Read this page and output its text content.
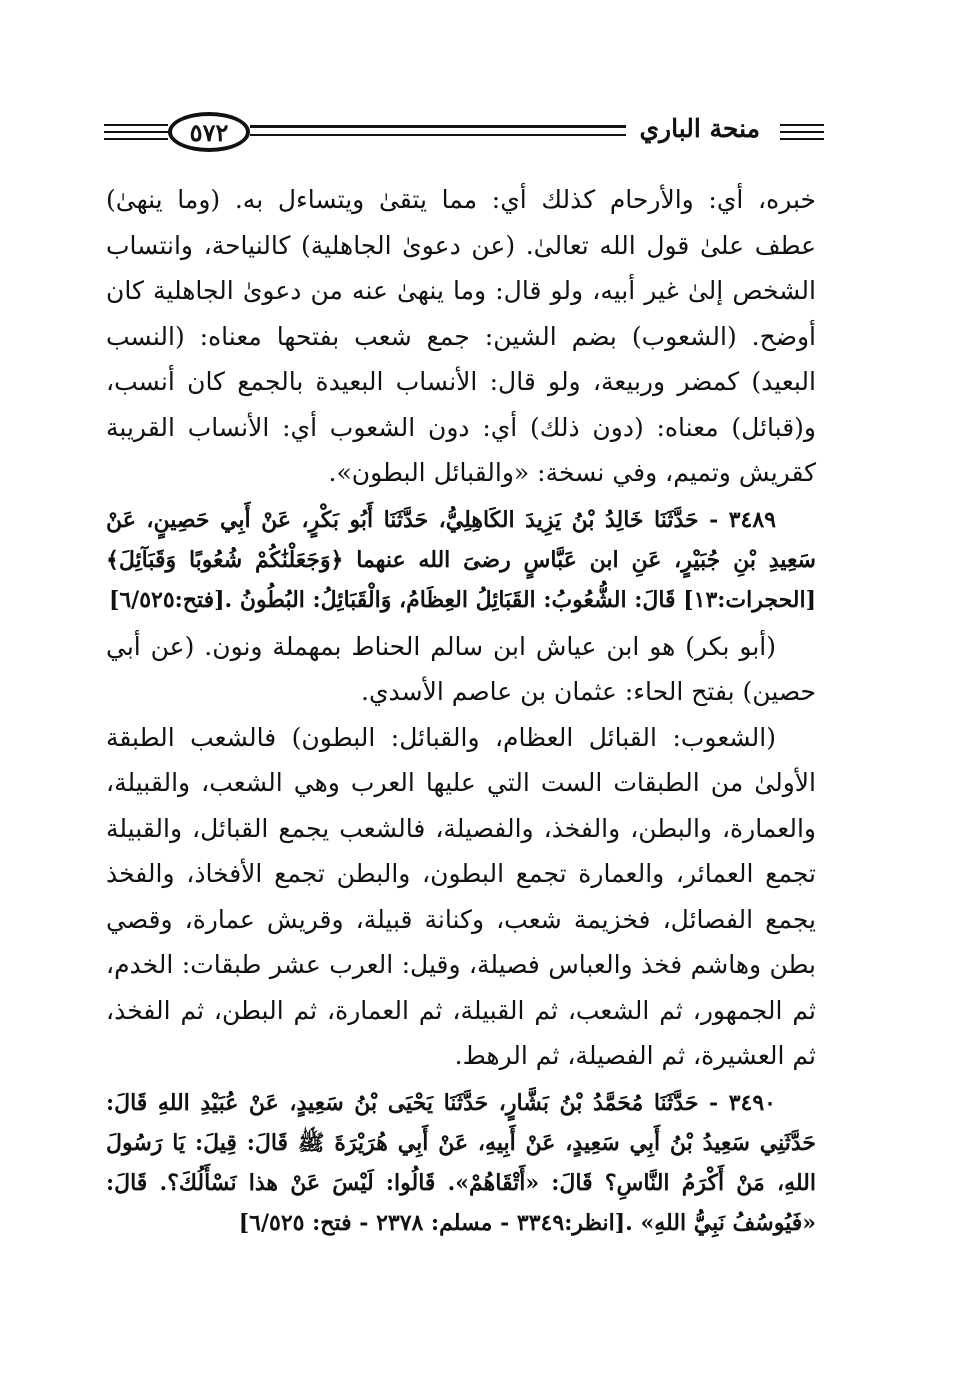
٥٧٢	منحة الباري

خبره، أي: والأرحام كذلك أي: مما يتقىٰ ويتساءل به. (وما ينهىٰ) عطف علىٰ قول الله تعالىٰ. (عن دعوىٰ الجاهلية) كالنياحة، وانتساب الشخص إلىٰ غير أبيه، ولو قال: وما ينهىٰ عنه من دعوىٰ الجاهلية كان أوضح. (الشعوب) بضم الشين: جمع شعب بفتحها معناه: (النسب البعيد) كمضر وربيعة، ولو قال: الأنساب البعيدة بالجمع كان أنسب، و(قبائل) معناه: (دون ذلك) أي: دون الشعوب أي: الأنساب القريبة كقريش وتميم، وفي نسخة: «والقبائل البطون».

٣٤٨٩ - حَدَّثَنَا خَالِدُ بْنُ يَزِيدَ الكَاهِلِيُّ، حَدَّثَنَا أَبُو بَكْرٍ، عَنْ أَبِي حَصِينٍ، عَنْ سَعِيدِ بْنِ جُبَيْرٍ، عَنِ ابن عَبَّاسٍ رضىَ الله عنهما ﴿وَجَعَلْنَٰكُمْ شُعُوبًا وَقَبَآئِلَ﴾ [الحجرات:١٣] قَالَ: الشُّعُوبُ: القَبَائِلُ العِظَامُ، وَالْقَبَائِلُ: البُطُونُ .[فتح:٦/٥٢٥]

(أبو بكر) هو ابن عياش ابن سالم الحناط بمهملة ونون. (عن أبي حصين) بفتح الحاء: عثمان بن عاصم الأسدي.

(الشعوب: القبائل العظام، والقبائل: البطون) فالشعب الطبقة الأولىٰ من الطبقات الست التي عليها العرب وهي الشعب، والقبيلة، والعمارة، والبطن، والفخذ، والفصيلة، فالشعب يجمع القبائل، والقبيلة تجمع العمائر، والعمارة تجمع البطون، والبطن تجمع الأفخاذ، والفخذ يجمع الفصائل، فخزيمة شعب، وكنانة قبيلة، وقريش عمارة، وقصي بطن وهاشم فخذ والعباس فصيلة، وقيل: العرب عشر طبقات: الخدم، ثم الجمهور، ثم الشعب، ثم القبيلة، ثم العمارة، ثم البطن، ثم الفخذ، ثم العشيرة، ثم الفصيلة، ثم الرهط.

٣٤٩٠ - حَدَّثَنَا مُحَمَّدُ بْنُ بَشَّارٍ، حَدَّثَنَا يَحْيَى بْنُ سَعِيدٍ، عَنْ عُبَيْدِ اللهِ قَالَ: حَدَّثَنِي سَعِيدُ بْنُ أَبِي سَعِيدٍ، عَنْ أَبِيهِ، عَنْ أَبِي هُرَيْرَةَ ﷺ قَالَ: قِيلَ: يَا رَسُولَ اللهِ، مَنْ أَكْرَمُ النَّاسِ؟ قَالَ: «أَتْقَاهُمْ». قَالُوا: لَيْسَ عَنْ هذا نَسْأَلُكَ؟. قَالَ: «فَيُوسُفُ نَبِيُّ اللهِ» .[انظر:٣٣٤٩ - مسلم: ٢٣٧٨ - فتح: ٦/٥٢٥]
